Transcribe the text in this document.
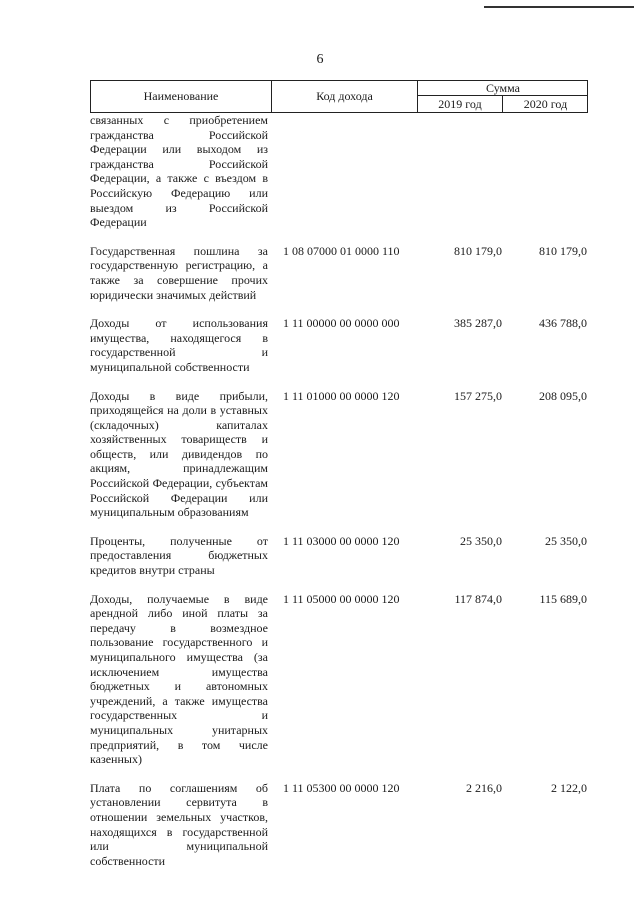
6
Наименование	Код дохода
Сумма
2019 год	2020 год
связанных с приобретением гражданства Российской Федерации или выходом из гражданства Российской Федерации, а также с въездом в Российскую Федерацию или выездом из Российской Федерации
Государственная пошлина за государственную регистрацию, а также за совершение прочих юридически значимых действий
1 08 07000 01 0000 110	810 179,0	810 179,0
Доходы от использования имущества, находящегося в государственной и муниципальной собственности
1 11 00000 00 0000 000	385 287,0	436 788,0
Доходы в виде прибыли, приходящейся на доли в уставных (складочных) капиталах хозяйственных товариществ и обществ, или дивидендов по акциям, принадлежащим Российской Федерации, субъектам Российской Федерации или муниципальным образованиям
1 11 01000 00 0000 120	157 275,0	208 095,0
Проценты, полученные от предоставления бюджетных кредитов внутри страны
1 11 03000 00 0000 120	25 350,0	25 350,0
Доходы, получаемые в виде арендной либо иной платы за передачу в возмездное пользование государственного и муниципального имущества (за исключением имущества бюджетных и автономных учреждений, а также имущества государственных и муниципальных унитарных предприятий, в том числе казенных)
1 11 05000 00 0000 120	117 874,0	115 689,0
Плата по соглашениям об установлении сервитута в отношении земельных участков, находящихся в государственной или муниципальной собственности
1 11 05300 00 0000 120	2 216,0	2 122,0
